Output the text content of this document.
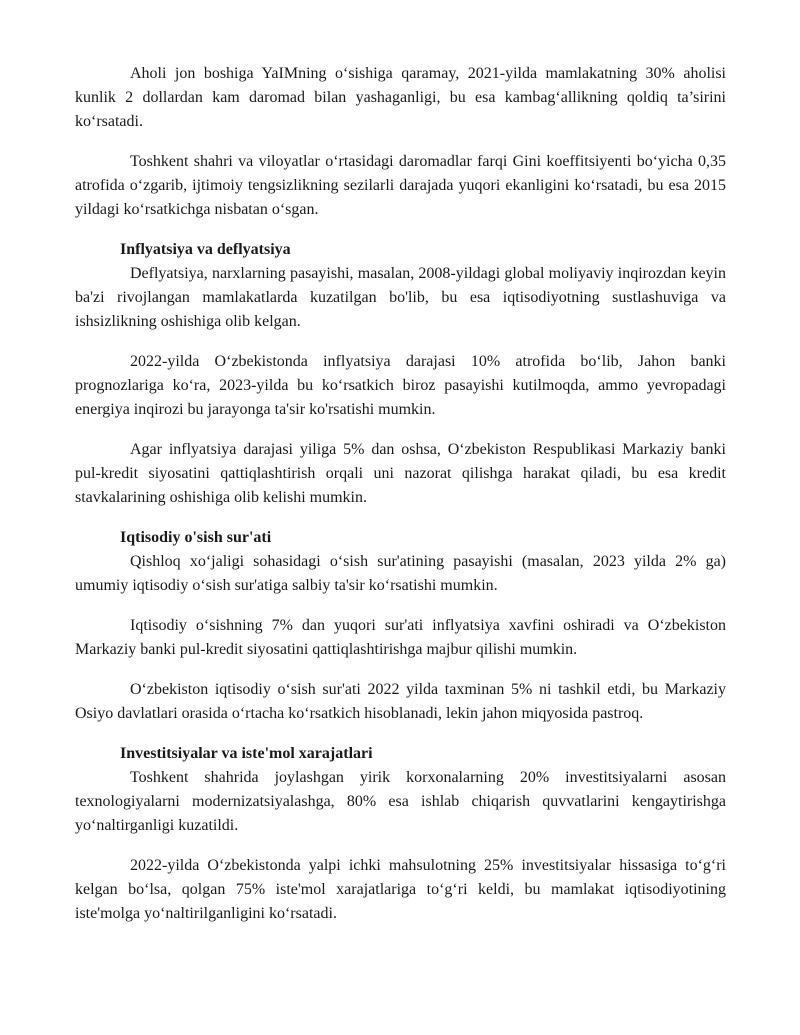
Aholi jon boshiga YaIMning o‘sishiga qaramay, 2021-yilda mamlakatning 30% aholisi kunlik 2 dollardan kam daromad bilan yashaganligi, bu esa kambag‘allikning qoldiq ta’sirini ko‘rsatadi.

Toshkent shahri va viloyatlar o‘rtasidagi daromadlar farqi Gini koeffitsiyenti bo‘yicha 0,35 atrofida o‘zgarib, ijtimoiy tengsizlikning sezilarli darajada yuqori ekanligini ko‘rsatadi, bu esa 2015 yildagi ko‘rsatkichga nisbatan o‘sgan.

Inflyatsiya va deflyatsiya

Deflyatsiya, narxlarning pasayishi, masalan, 2008-yildagi global moliyaviy inqirozdan keyin ba'zi rivojlangan mamlakatlarda kuzatilgan bo'lib, bu esa iqtisodiyotning sustlashuviga va ishsizlikning oshishiga olib kelgan.

2022-yilda O‘zbekistonda inflyatsiya darajasi 10% atrofida bo‘lib, Jahon banki prognozlariga ko‘ra, 2023-yilda bu ko‘rsatkich biroz pasayishi kutilmoqda, ammo yevropadagi energiya inqirozi bu jarayonga ta'sir ko'rsatishi mumkin.

Agar inflyatsiya darajasi yiliga 5% dan oshsa, O‘zbekiston Respublikasi Markaziy banki pul-kredit siyosatini qattiqlashtirish orqali uni nazorat qilishga harakat qiladi, bu esa kredit stavkalarining oshishiga olib kelishi mumkin.

Iqtisodiy o'sish sur'ati

Qishloq xo‘jaligi sohasidagi o‘sish sur'atining pasayishi (masalan, 2023 yilda 2% ga) umumiy iqtisodiy o‘sish sur'atiga salbiy ta'sir ko‘rsatishi mumkin.

Iqtisodiy o‘sishning 7% dan yuqori sur'ati inflyatsiya xavfini oshiradi va O‘zbekiston Markaziy banki pul-kredit siyosatini qattiqlashtirishga majbur qilishi mumkin.

O‘zbekiston iqtisodiy o‘sish sur'ati 2022 yilda taxminan 5% ni tashkil etdi, bu Markaziy Osiyo davlatlari orasida o‘rtacha ko‘rsatkich hisoblanadi, lekin jahon miqyosida pastroq.

Investitsiyalar va iste'mol xarajatlari

Toshkent shahrida joylashgan yirik korxonalarning 20% investitsiyalarni asosan texnologiyalarni modernizatsiyalashga, 80% esa ishlab chiqarish quvvatlarini kengaytirishga yo‘naltirganligi kuzatildi.

2022-yilda O‘zbekistonda yalpi ichki mahsulotning 25% investitsiyalar hissasiga to‘g‘ri kelgan bo‘lsa, qolgan 75% iste'mol xarajatlariga to‘g‘ri keldi, bu mamlakat iqtisodiyotining iste'molga yo‘naltirilganligini ko‘rsatadi.
